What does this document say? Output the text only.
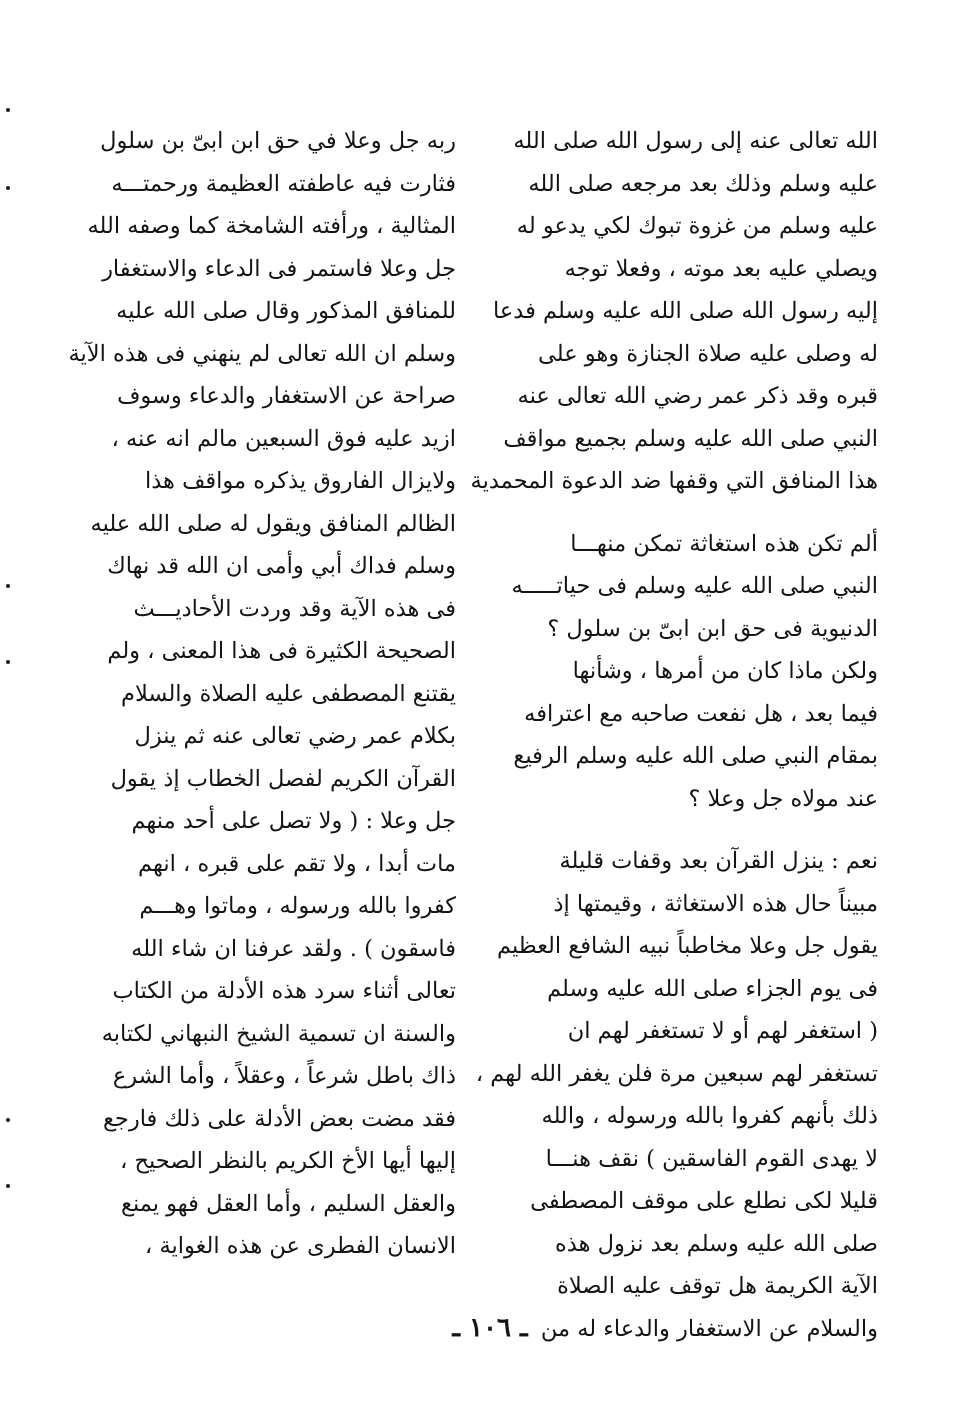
الله تعالى عنه إلى رسول الله صلى الله
عليه وسلم وذلك بعد مرجعه صلى الله
عليه وسلم من غزوة تبوك لكي يدعو له
ويصلي عليه بعد موته ، وفعلا توجه
إليه رسول الله صلى الله عليه وسلم فدعا
له وصلى عليه صلاة الجنازة وهو على
قبره وقد ذكر عمر رضي الله تعالى عنه
النبي صلى الله عليه وسلم بجميع مواقف
هذا المنافق التي وقفها ضد الدعوة المحمدية
ألم تكن هذه استغاثة تمكن منهـــا
النبي صلى الله عليه وسلم فى حياتـــــه
الدنيوية فى حق ابن ابىّ بن سلول ؟
ولكن ماذا كان من أمرها ، وشأنها
فيما بعد ، هل نفعت صاحبه مع اعترافه
بمقام النبي صلى الله عليه وسلم الرفيع
عند مولاه جل وعلا ؟
نعم : ينزل القرآن بعد وقفات قليلة
مبيناً حال هذه الاستغاثة ، وقيمتها إذ
يقول جل وعلا مخاطباً نبيه الشافع العظيم
فى يوم الجزاء صلى الله عليه وسلم
( استغفر لهم أو لا تستغفر لهم ان
تستغفر لهم سبعين مرة فلن يغفر الله لهم ،
ذلك بأنهم كفروا بالله ورسوله ، والله
لا يهدى القوم الفاسقين ) نقف هنـــا
قليلا لكى نطلع على موقف المصطفى
صلى الله عليه وسلم بعد نزول هذه
الآية الكريمة هل توقف عليه الصلاة
والسلام عن الاستغفار والدعاء له من
ربه جل وعلا في حق ابن ابىّ بن سلول
فثارت فيه عاطفته العظيمة ورحمتـــه
المثالية ، ورأفته الشامخة كما وصفه الله
جل وعلا فاستمر فى الدعاء والاستغفار
للمنافق المذكور وقال صلى الله عليه
وسلم ان الله تعالى لم ينهني فى هذه الآية
صراحة عن الاستغفار والدعاء وسوف
ازيد عليه فوق السبعين مالم انه عنه ،
ولايزال الفاروق يذكره مواقف هذا
الظالم المنافق ويقول له صلى الله عليه
وسلم فداك أبي وأمى ان الله قد نهاك
فى هذه الآية وقد وردت الأحاديـــث
الصحيحة الكثيرة فى هذا المعنى ، ولم
يقتنع المصطفى عليه الصلاة والسلام
بكلام عمر رضي تعالى عنه ثم ينزل
القرآن الكريم لفصل الخطاب إذ يقول
جل وعلا : ( ولا تصل على أحد منهم
مات أبدا ، ولا تقم على قبره ، انهم
كفروا بالله ورسوله ، وماتوا وهـــم
فاسقون ) . ولقد عرفنا ان شاء الله
تعالى أثناء سرد هذه الأدلة من الكتاب
والسنة ان تسمية الشيخ النبهاني لكتابه
ذاك باطل شرعاً ، وعقلاً ، وأما الشرع
فقد مضت بعض الأدلة على ذلك فارجع
إليها أيها الأخ الكريم بالنظر الصحيح ،
والعقل السليم ، وأما العقل فهو يمنع
الانسان الفطرى عن هذه الغواية ،
ـ ١٠٦ ـ
